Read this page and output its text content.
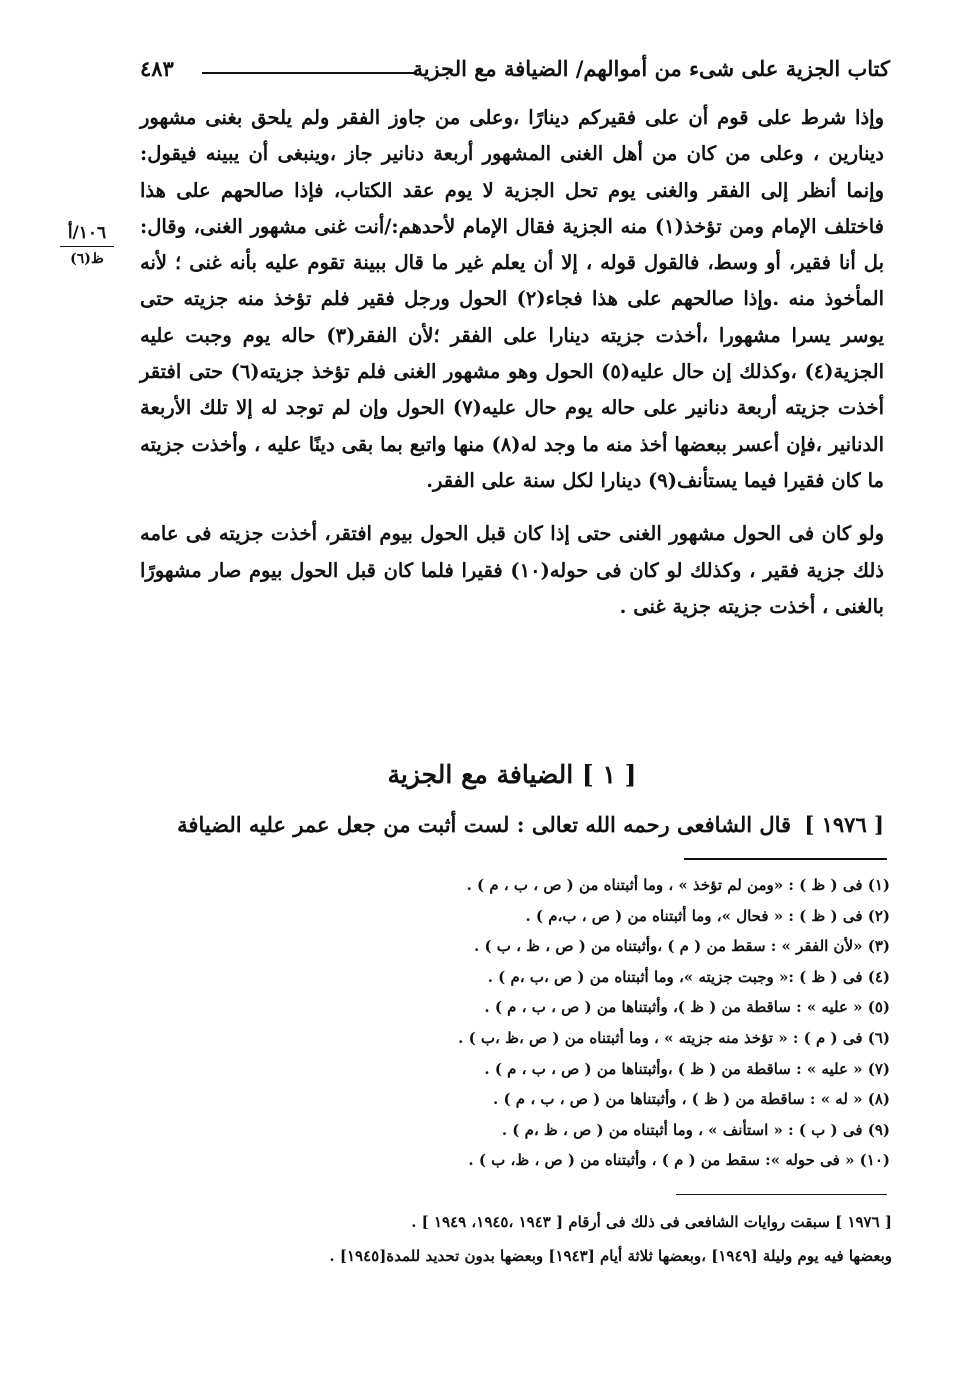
كتاب الجزية على شىء من أموالهم/ الضيافة مع الجزية
٤٨٣
١٠٦/أ
ظ(٦)

وإذا شرط على قوم أن على فقيركم دينارًا ،وعلى من جاوز الفقر ولم يلحق بغنى مشهور دينارين ، وعلى من كان من أهل الغنى المشهور أربعة دنانير جاز ،وينبغى أن يبينه فيقول: وإنما أنظر إلى الفقر والغنى يوم تحل الجزية لا يوم عقد الكتاب، فإذا صالحهم على هذا فاختلف الإمام ومن تؤخذ(١) منه الجزية فقال الإمام لأحدهم:/أنت غنى مشهور الغنى، وقال: بل أنا فقير، أو وسط، فالقول قوله ، إلا أن يعلم غير ما قال ببينة تقوم عليه بأنه غنى ؛ لأنه المأخوذ منه .وإذا صالحهم على هذا فجاء(٢) الحول ورجل فقير فلم تؤخذ منه جزيته حتى يوسر يسرا مشهورا ،أخذت جزيته دينارا على الفقر ؛لأن الفقر(٣) حاله يوم وجبت عليه الجزية(٤) ،وكذلك إن حال عليه(٥) الحول وهو مشهور الغنى فلم تؤخذ جزيته(٦) حتى افتقر أخذت جزيته أربعة دنانير على حاله يوم حال عليه(٧) الحول وإن لم توجد له إلا تلك الأربعة الدنانير ،فإن أعسر ببعضها أخذ منه ما وجد له(٨) منها واتبع بما بقى دينًا عليه ، وأخذت جزيته ما كان فقيرا فيما يستأنف(٩) دينارا لكل سنة على الفقر.

ولو كان فى الحول مشهور الغنى حتى إذا كان قبل الحول بيوم افتقر، أخذت جزيته فى عامه ذلك جزية فقير ، وكذلك لو كان فى حوله(١٠) فقيرا فلما كان قبل الحول بيوم صار مشهورًا بالغنى ، أخذت جزيته جزية غنى .

[ ١ ] الضيافة مع الجزية
[ ١٩٧٦ ] قال الشافعى رحمه الله تعالى : لست أثبت من جعل عمر عليه الضيافة
(١) فى ( ظ ) : «ومن لم تؤخذ » ، وما أثبتناه من ( ص ، ب ، م ) .
(٢) فى ( ظ ) : « فحال »، وما أثبتناه من ( ص ، ب،م ) .
(٣) «لأن الفقر » : سقط من ( م ) ،وأثبتناه من ( ص ، ظ ، ب ) .
(٤) فى ( ظ ) :« وجبت جزيته »، وما أثبتناه من ( ص ،ب ،م ) .
(٥) « عليه » : ساقطة من ( ظ )، وأثبتناها من ( ص ، ب ، م ) .
(٦) فى ( م ) : « تؤخذ منه جزيته » ، وما أثبتناه من ( ص ،ظ ،ب ) .
(٧) « عليه » : ساقطة من ( ظ ) ،وأثبتناها من ( ص ، ب ، م ) .
(٨) « له » : ساقطة من ( ظ ) ، وأثبتناها من ( ص ، ب ، م ) .
(٩) فى ( ب ) : « استأنف » ، وما أثبتناه من ( ص ، ظ ،م ) .
(١٠) « فى حوله »: سقط من ( م ) ، وأثبتناه من ( ص ، ظ، ب ) .
[ ١٩٧٦ ] سبقت روايات الشافعى فى ذلك فى أرقام [ ١٩٤٣ ،١٩٤٥، ١٩٤٩ ] .
وبعضها فيه يوم وليلة [١٩٤٩] ،وبعضها ثلاثة أيام [١٩٤٣] وبعضها بدون تحديد للمدة[١٩٤٥] .
